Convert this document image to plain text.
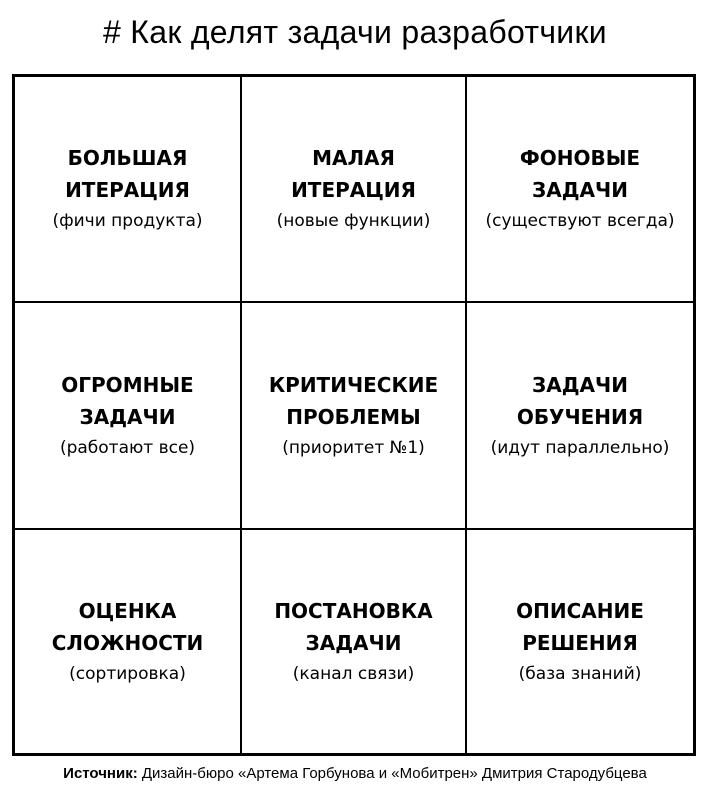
# Как делят задачи разработчики
БОЛЬШАЯ
ИТЕРАЦИЯ
(фичи продукта)
МАЛАЯ
ИТЕРАЦИЯ
(новые функции)
ФОНОВЫЕ
ЗАДАЧИ
(существуют всегда)
ОГРОМНЫЕ
ЗАДАЧИ
(работают все)
КРИТИЧЕСКИЕ
ПРОБЛЕМЫ
(приоритет №1)
ЗАДАЧИ
ОБУЧЕНИЯ
(идут параллельно)
ОЦЕНКА
СЛОЖНОСТИ
(сортировка)
ПОСТАНОВКА
ЗАДАЧИ
(канал связи)
ОПИСАНИЕ
РЕШЕНИЯ
(база знаний)
Источник: Дизайн-бюро «Артема Горбунова и «Мобитрен» Дмитрия Стародубцева
